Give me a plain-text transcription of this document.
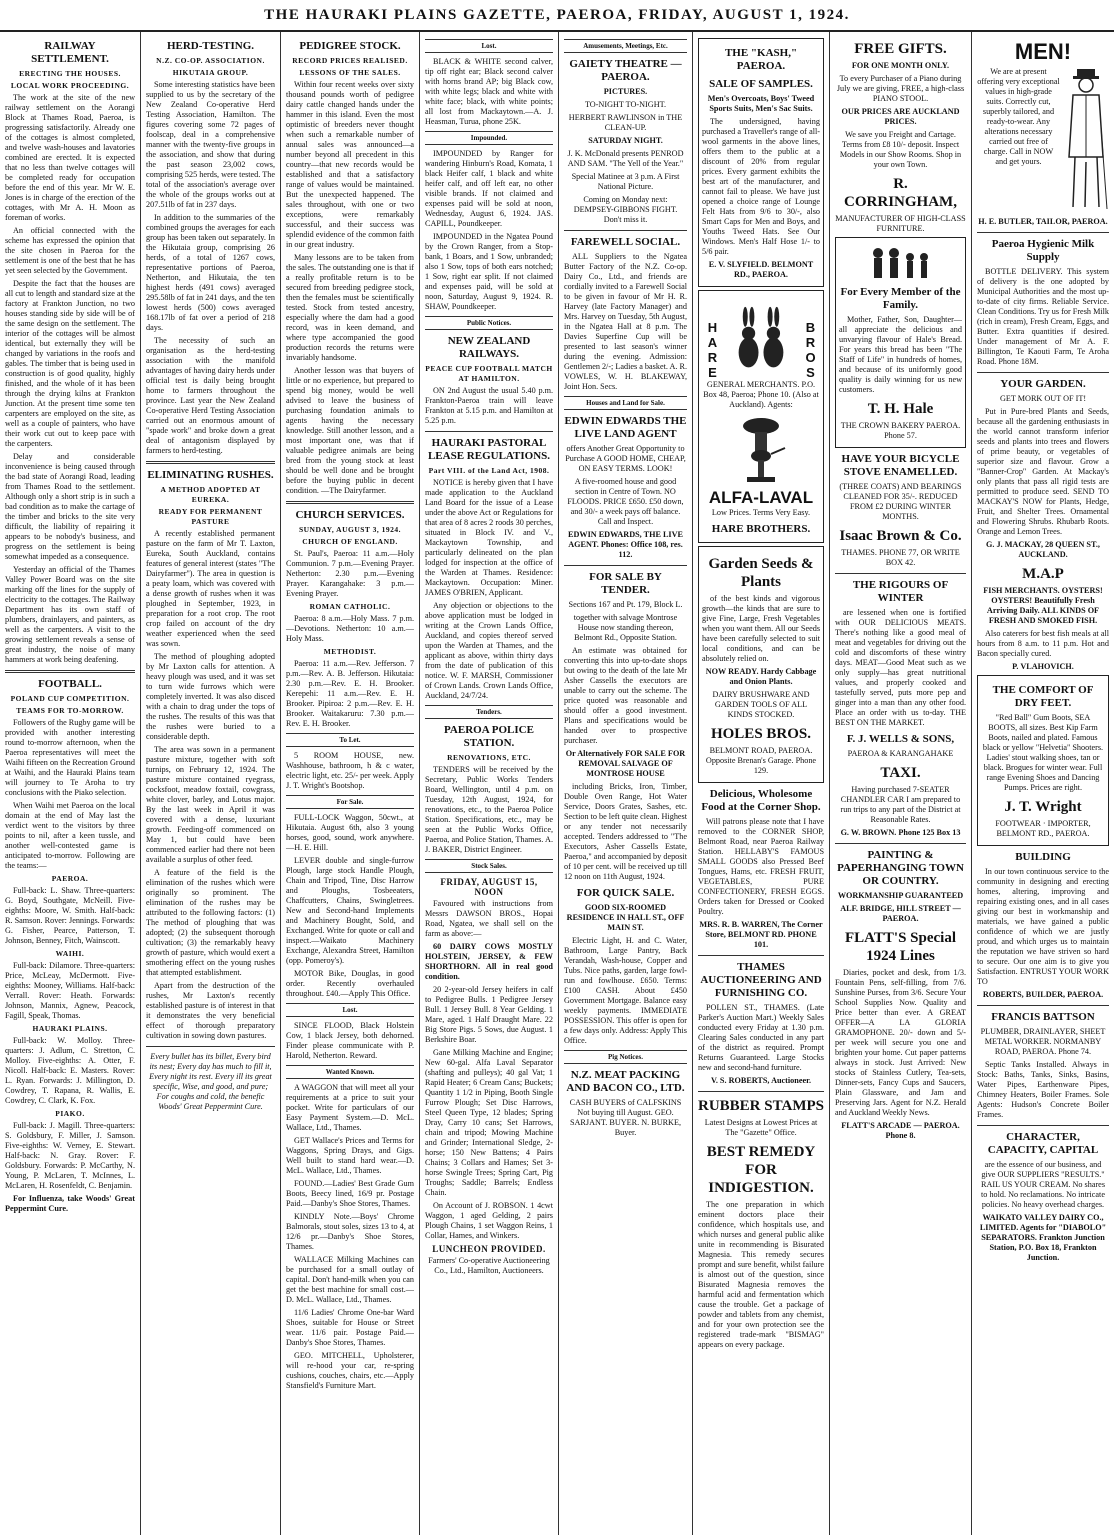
THE HAURAKI PLAINS GAZETTE, PAEROA, FRIDAY, AUGUST 1, 1924.
RAILWAY SETTLEMENT.
ERECTING THE HOUSES.
LOCAL WORK PROCEEDING.

The work at the site of the new railway settlement on the Aorangi Block at Thames Road, Paeroa, is progressing satisfactorily. Already one of the cottages is almost completed, and twelve wash-houses and lavatories combined are erected. It is expected that no less than twelve cottages will be completed ready for occupation before the end of this year. Mr W. E. Jones is in charge of the erection of the cottages, with Mr A. H. Moon as foreman of works.

An official connected with the scheme has expressed the opinion that the site chosen in Paeroa for the settlement is one of the best that he has yet seen selected by the Government.

Despite the fact that the houses are all cut to length and standard size at the factory at Frankton Junction, no two houses standing side by side will be of the same design on the settlement. The interior of the cottages will be almost identical, but externally they will be changed by variations in the roofs and gables. The timber that is being used in construction is of good quality, highly finished, and the whole of it has been through the drying kilns at Frankton Junction. At the present time some ten carpenters are employed on the site, as well as a couple of painters, who have their work cut out to keep pace with the carpenters.

Delay and considerable inconvenience is being caused through the bad state of Aorangi Road, leading from Thames Road to the settlement. Although only a short strip is in such a bad condition as to make the cartage of the timber and bricks to the site very difficult, the liability of repairing it appears to be nobody's business, and progress on the settlement is being somewhat impeded as a consequence.

Yesterday an official of the Thames Valley Power Board was on the site marking off the lines for the supply of electricity to the cottages. The Railway Department has its own staff of plumbers, drainlayers, and painters, as well as the carpenters. A visit to the growing settlement reveals a sense of great industry, the noise of many hammers at work being deafening.

FOOTBALL.
POLAND CUP COMPETITION.
TEAMS FOR TO-MORROW.

Followers of the Rugby game will be provided with another interesting round to-morrow afternoon, when the Paeroa representatives will meet the Waihi fifteen on the Recreation Ground at Waihi, and the Hauraki Plains team will journey to Te Aroha to try conclusions with the Piako selection.

When Waihi met Paeroa on the local domain at the end of May last the verdict went to the visitors by three points to nil, after a keen tussle, and another well-contested game is anticipated to-morrow. Following are the teams:—

PAEROA.

Full-back: L. Shaw. Three-quarters: G. Boyd, Southgate, McNeill. Five-eighths: Moore, W. Smith. Half-back: R. Samson. Rover: Jennings. Forwards: G. Fisher, Pearce, Patterson, T. Johnson, Benney, Fitch, Wainscott.

WAIHI.

Full-back: Dilamore. Three-quarters: Price, McLeay, McDermott. Five-eighths: Mooney, Williams. Half-back: Verrall. Rover: Heath. Forwards: Johnson, Mannix, Agnew, Peacock, Fagill, Speak, Thomas.

HAURAKI PLAINS.

Full-back: W. Molloy. Three-quarters: J. Adlum, C. Stretton, C. Molloy. Five-eighths: A. Otter, F. Nicoll. Half-back: E. Masters. Rover: L. Ryan. Forwards: J. Millington, D. Cowdrey, T. Rapana, R. Wallis, E. Cowdrey, C. Clark, K. Fox.

PIAKO.

Full-back: J. Magill. Three-quarters: S. Goldsbury, F. Miller, J. Samson. Five-eighths: W. Verney, E. Stewart. Half-back: N. Gray. Rover: F. Goldsbury. Forwards: P. McCarthy, N. Young, P. McLaren, T. McInnes, L. McLaren, H. Rosenfeldt, C. Benjamin.

For Influenza, take Woods' Great Peppermint Cure.

HERD-TESTING.
N.Z. CO-OP. ASSOCIATION.
HIKUTAIA GROUP.

Some interesting statistics have been supplied to us by the secretary of the New Zealand Co-operative Herd Testing Association, Hamilton. The figures covering some 72 pages of foolscap, deal in a comprehensive manner with the twenty-five groups in the association, and show that during the past season 23,002 cows, comprising 525 herds, were tested. The total of the association's average over the whole of the groups works out at 207.51lb of fat in 237 days.

In addition to the summaries of the combined groups the averages for each group has been taken out separately. In the Hikutaia group, comprising 26 herds, of a total of 1267 cows, representative portions of Paeroa, Netherton, and Hikutaia, the ten highest herds (491 cows) averaged 295.58lb of fat in 241 days, and the ten lowest herds (500) cows averaged 168.17lb of fat over a period of 218 days.

The necessity of such an organisation as the herd-testing association with the manifold advantages of having dairy herds under official test is daily being brought home to farmers throughout the province. Last year the New Zealand Co-operative Herd Testing Association carried out an enormous amount of "spade work" and broke down a great deal of antagonism displayed by farmers to herd-testing.

ELIMINATING RUSHES.
A METHOD ADOPTED AT EUREKA.
READY FOR PERMANENT PASTURE

A recently established permanent pasture on the farm of Mr T. Laxton, Eureka, South Auckland, contains features of general interest (states "The Dairyfarmer"). The area in question is a peaty loam, which was covered with a dense growth of rushes when it was ploughed in September, 1923, in preparation for a root crop. The root crop failed on account of the dry weather experienced when the seed was sown.

The method of ploughing adopted by Mr Laxton calls for attention. A heavy plough was used, and it was set to turn wide furrows which were completely inverted. It was also disced with a chain to drag under the tops of the rushes. The results of this was that the rushes were buried to a considerable depth.

The area was sown in a permanent pasture mixture, together with soft turnips, on February 12, 1924. The pasture mixture contained ryegrass, cocksfoot, meadow foxtail, cowgrass, white clover, barley, and Lotus major. By the last week in April it was covered with a dense, luxuriant growth. Feeding-off commenced on May 1, but could have been commenced earlier had there not been available a surplus of other feed.

A feature of the field is the elimination of the rushes which were originally so prominent. The elimination of the rushes may be attributed to the following factors: (1) The method of ploughing that was adopted; (2) the subsequent thorough cultivation; (3) the remarkably heavy growth of pasture, which would exert a smothering effect on the young rushes that attempted establishment.

Apart from the destruction of the rushes, Mr Laxton's recently established pasture is of interest in that it demonstrates the very beneficial effect of thorough preparatory cultivation in sowing down pastures.

Every bullet has its billet, Every bird its nest; Every day has much to fill it, Every night its rest. Every ill its great specific, Wise, and good, and pure; For coughs and cold, the benefic Woods' Great Peppermint Cure.

PEDIGREE STOCK.
RECORD PRICES REALISED.
LESSONS OF THE SALES.

Within four recent weeks over sixty thousand pounds worth of pedigree dairy cattle changed hands under the hammer in this island. Even the most optimistic of breeders never thought when such a remarkable number of annual sales was announced—a number beyond all precedent in this country—that new records would be established and that a satisfactory range of values would be maintained. But the unexpected happened. The sales throughout, with one or two exceptions, were remarkably successful, and their success was splendid evidence of the common faith in our great industry.

Many lessons are to be taken from the sales. The outstanding one is that if a really profitable return is to be secured from breeding pedigree stock, then the females must be scientifically tested. Stock from tested ancestry, especially where the dam had a good record, was in keen demand, and where type accompanied the good production records the returns were invariably handsome.

Another lesson was that buyers of little or no experience, but prepared to spend big money, would be well advised to leave the business of purchasing foundation animals to agents having the necessary knowledge. Still another lesson, and a most important one, was that if valuable pedigree animals are being bred from the young stock at least should be well done and be brought before the buying public in decent condition. —The Dairyfarmer.

CHURCH SERVICES.
SUNDAY, AUGUST 3, 1924.
CHURCH OF ENGLAND.

St. Paul's, Paeroa: 11 a.m.—Holy Communion. 7 p.m.—Evening Prayer. Netherton: 2.30 p.m.—Evening Prayer. Karangahake: 3 p.m.—Evening Prayer.

ROMAN CATHOLIC.

Paeroa: 8 a.m.—Holy Mass. 7 p.m.—Devotions. Netherton: 10 a.m.—Holy Mass.

METHODIST.

Paeroa: 11 a.m.—Rev. Jefferson. 7 p.m.—Rev. A. B. Jefferson. Hikutaia: 2.30 p.m.—Rev. E. H. Brooker. Kerepehi: 11 a.m.—Rev. E. H. Brooker. Pipiroa: 2 p.m.—Rev. E. H. Brooker. Waitakaruru: 7.30 p.m.—Rev. E. H. Brooker.

To Let.

5 ROOM HOUSE, new. Washhouse, bathroom, h & c water, electric light, etc. 25/- per week. Apply J. T. Wright's Bootshop.

For Sale.

FULL-LOCK Waggon, 50cwt., at Hikutaia. August 6th, also 3 young horses, good, sound, work anywhere.—H. E. Hill.

LEVER double and single-furrow Plough, large stock Handle Plough, Chain and Tripod, Tine, Disc Harrow and Ploughs, Tosbeeaters, Chaffcutters, Chains, Swingletrees. New and Second-hand Implements and Machinery Bought, Sold, and Exchanged. Write for quote or call and inspect.—Waikato Machinery Exchange, Alexandra Street, Hamilton (opp. Pomeroy's).

MOTOR Bike, Douglas, in good order. Recently overhauled throughout. £40.—Apply This Office.

Lost.

SINCE FLOOD, Black Holstein Cow, 1 black Jersey, both dehorned. Finder please communicate with P. Harold, Netherton. Reward.

Wanted Known.

A WAGGON that will meet all your requirements at a price to suit your pocket. Write for particulars of our Easy Payment System.—D. McL. Wallace, Ltd., Thames.

GET Wallace's Prices and Terms for Waggons, Spring Drays, and Gigs. Well built to stand hard wear.—D. McL. Wallace, Ltd., Thames.

FOUND.—Ladies' Best Grade Gum Boots, Beecy lined, 16/9 pr. Postage Paid.—Danby's Shoe Stores, Thames.

KINDLY Note.—Boys' Chrome Balmorals, stout soles, sizes 13 to 4, at 12/6 pr.—Danby's Shoe Stores, Thames.

WALLACE Milking Machines can be purchased for a small outlay of capital. Don't hand-milk when you can get the best machine for small cost.—D. McL. Wallace, Ltd., Thames.

11/6 Ladies' Chrome One-bar Ward Shoes, suitable for House or Street wear. 11/6 pair. Postage Paid.—Danby's Shoe Stores, Thames.

GEO. MITCHELL, Upholsterer, will re-hood your car, re-spring cushions, couches, chairs, etc.—Apply Stansfield's Furniture Mart.

Lost.

BLACK & WHITE second calver, tip off right ear; Black second calver with horns brand AP; big Black cow, with white legs; black and white with white face; black, with white points; all lost from Mackaytown.—A. J. Heasman, Turua, phone 25K.

Impounded.

IMPOUNDED by Ranger for wandering Hinburn's Road, Komata, 1 black Heifer calf, 1 black and white heifer calf, and off left ear, no other visible brands. If not claimed and expenses paid will be sold at noon, Wednesday, August 6, 1924. JAS. CAPILL, Poundkeeper.

IMPOUNDED in the Ngatea Pound by the Crown Ranger, from a Stop-bank, 1 Boars, and 1 Sow, unbranded; also 1 Sow, tops of both ears notched; 1 Sow, right ear split. If not claimed and expenses paid, will be sold at noon, Saturday, August 9, 1924. R. SHAW, Poundkeeper.

Public Notices.
NEW ZEALAND RAILWAYS.
PEACE CUP FOOTBALL MATCH AT HAMILTON.

ON 2nd August the usual 5.40 p.m. Frankton-Paeroa train will leave Frankton at 5.15 p.m. and Hamilton at 5.25 p.m.

HAURAKI PASTORAL LEASE REGULATIONS.
Part VIII. of the Land Act, 1908.

NOTICE is hereby given that I have made application to the Auckland Land Board for the issue of a Lease under the above Act or Regulations for that area of 8 acres 2 roods 30 perches, situated in Block IV. and V., Mackaytown Township, and particularly delineated on the plan lodged for inspection at the office of the Warden at Thames. Residence: Mackaytown. Occupation: Miner. JAMES O'BRIEN, Applicant.

Any objection or objections to the above application must be lodged in writing at the Crown Lands Office, Auckland, and copies thereof served upon the Warden at Thames, and the applicant as above, within thirty days from the date of publication of this notice. W. F. MARSH, Commissioner of Crown Lands. Crown Lands Office, Auckland, 24/7/24.

Tenders.
PAEROA POLICE STATION.
RENOVATIONS, ETC.

TENDERS will be received by the Secretary, Public Works Tenders Board, Wellington, until 4 p.m. on Tuesday, 12th August, 1924, for renovations, etc., to the Paeroa Police Station. Specifications, etc., may be seen at the Public Works Office, Paeroa, and Police Station, Thames. A. J. BAKER, District Engineer.

Stock Sales.
FRIDAY, AUGUST 15, NOON

Favoured with instructions from Messrs DAWSON BROS., Hopai Road, Ngatea, we shall sell on the farm as above:—

60 DAIRY COWS MOSTLY HOLSTEIN, JERSEY, & FEW SHORTHORN. All in real good condition.

20 2-year-old Jersey heifers in calf to Pedigree Bulls. 1 Pedigree Jersey Bull. 1 Jersey Bull. 8 Year Gelding. 1 Mare, aged. 1 Half Draught Mare. 22 Big Store Pigs. 5 Sows, due August. 1 Berkshire Boar.

Gane Milking Machine and Engine; New 60-gal. Alfa Laval Separator (shafting and pulleys); 40 gal Vat; 1 Rapid Heater; 6 Cream Cans; Buckets; Quantity 1 1/2 in Piping, Booth Single Furrow Plough; Set Disc Harrows, Steel Queen Type, 12 blades; Spring Dray, Carry 10 cans; Set Harrows, chain and tripod; Mowing Machine and Grinder; International Sledge, 2-horse; 150 New Battens; 4 Pairs Chains; 3 Collars and Hames; Set 3-horse Swingle Trees; Spring Cart, Pig Troughs; Saddle; Barrels; Endless Chain.

On Account of J. ROBSON. 1 4cwt Waggon, 1 aged Gelding, 2 pairs Plough Chains, 1 set Waggon Reins, 1 Collar, Hames, and Winkers.

LUNCHEON PROVIDED.

Farmers' Co-operative Auctioneering Co., Ltd., Hamilton, Auctioneers.

Amusements, Meetings, Etc.
GAIETY THEATRE — PAEROA.

PICTURES.

TO-NIGHT TO-NIGHT.

HERBERT RAWLINSON in THE CLEAN-UP.

SATURDAY NIGHT.

J. K. McDonald presents PENROD AND SAM. "The Yell of the Year."

Special Matinee at 3 p.m. A First National Picture.

Coming on Monday next: DEMPSEY-GIBBONS FIGHT. Don't miss it.

FAREWELL SOCIAL.

ALL Suppliers to the Ngatea Butter Factory of the N.Z. Co-op. Dairy Co., Ltd., and friends are cordially invited to a Farewell Social to be given in favour of Mr H. R. Harvey (late Factory Manager) and Mrs. Harvey on Tuesday, 5th August, in the Ngatea Hall at 8 p.m. The Davies Superfine Cup will be presented to last season's winner during the evening. Admission: Gentlemen 2/-; Ladies a basket. A. R. VOWLES, W. H. BLAKEWAY, Joint Hon. Secs.

Houses and Land for Sale.
EDWIN EDWARDS THE LIVE LAND AGENT

offers Another Great Opportunity to Purchase A GOOD HOME, CHEAP, ON EASY TERMS. LOOK!

A five-roomed house and good section in Centre of Town. NO FLOODS. PRICE £650. £50 down, and 30/- a week pays off balance. Call and Inspect.

EDWIN EDWARDS, THE LIVE AGENT. Phones: Office 108, res. 112.

FOR SALE BY TENDER.

Sections 167 and Pt. 179, Block L.

together with salvage Montrose House now standing thereon, Belmont Rd., Opposite Station.

An estimate was obtained for converting this into up-to-date shops but owing to the death of the late Mr Asher Cassells the executors are unable to carry out the scheme. The price quoted was reasonable and should offer a good investment. Plans and specifications would be handed over to prospective purchaser.

Or Alternatively FOR SALE FOR REMOVAL SALVAGE OF MONTROSE HOUSE

including Bricks, Iron, Timber, Double Oven Range, Hot Water Service, Doors Grates, Sashes, etc. Section to be left quite clean. Highest or any tender not necessarily accepted. Tenders addressed to "The Executors, Asher Cassells Estate, Paeroa," and accompanied by deposit of 10 per cent. will be received up till 12 noon on 11th August, 1924.

FOR QUICK SALE.

GOOD SIX-ROOMED RESIDENCE IN HALL ST., OFF MAIN ST.

Electric Light, H. and C. Water, Bathroom, Large Pantry, Back Verandah, Wash-house, Copper and Tubs. Nice paths, garden, large fowl-run and fowlhouse. £650. Terms: £100 CASH. About £450 Government Mortgage. Balance easy weekly payments. IMMEDIATE POSSESSION. This offer is open for a few days only. Address: Apply This Office.

Pig Notices.
N.Z. MEAT PACKING AND BACON CO., LTD.

CASH BUYERS of CALFSKINS Not buying till August. GEO. SARJANT. BUYER. N. BURKE, Buyer.

THE "KASH," PAEROA.
SALE OF SAMPLES.

Men's Overcoats, Boys' Tweed Sports Suits, Men's Sac Suits.

The undersigned, having purchased a Traveller's range of all-wool garments in the above lines, offers them to the public at a discount of 20% from regular prices. Every garment exhibits the best art of the manufacturer, and cannot fail to please. We have just opened a choice range of Lounge Felt Hats from 9/6 to 30/-, also Smart Caps for Men and Boys, and Youths Tweed Hats. See Our Windows. Men's Half Hose 1/- to 5/6 pair.

E. V. SLYFIELD. BELMONT RD., PAEROA.

HARE	BROS

GENERAL MERCHANTS. P.O. Box 48, Paeroa; Phone 10. (Also at Auckland). Agents:

ALFA-LAVAL

Low Prices. Terms Very Easy.

HARE BROTHERS.
Garden Seeds & Plants

of the best kinds and vigorous growth—the kinds that are sure to give Fine, Large, Fresh Vegetables when you want them. All our Seeds have been carefully selected to suit local conditions, and can be absolutely relied on.

NOW READY. Hardy Cabbage and Onion Plants.

DAIRY BRUSHWARE AND GARDEN TOOLS OF ALL KINDS STOCKED.

HOLES BROS.

BELMONT ROAD, PAEROA. Opposite Brenan's Garage. Phone 129.

Delicious, Wholesome Food at the Corner Shop.

Will patrons please note that I have removed to the CORNER SHOP, Belmont Road, near Paeroa Railway Station. HELLABY'S FAMOUS SMALL GOODS also Pressed Beef Tongues, Hams, etc. FRESH FRUIT, VEGETABLES, PURE CONFECTIONERY, FRESH EGGS. Orders taken for Dressed or Cooked Poultry.

MRS. R. B. WARREN, The Corner Store, BELMONT RD. PHONE 101.

THAMES AUCTIONEERING AND FURNISHING CO.

POLLEN ST., THAMES. (Late Parker's Auction Mart.) Weekly Sales conducted every Friday at 1.30 p.m. Clearing Sales conducted in any part of the district as required. Prompt Returns Guaranteed. Large Stocks new and second-hand furniture.

V. S. ROBERTS, Auctioneer.

RUBBER STAMPS

Latest Designs at Lowest Prices at The "Gazette" Office.

BEST REMEDY FOR INDIGESTION.

The one preparation in which eminent doctors place their confidence, which hospitals use, and which nurses and general public alike unite in recommending is Bisurated Magnesia. This remedy secures prompt and sure benefit, whilst failure is almost out of the question, since Bisurated Magnesia removes the harmful acid and fermentation which cause the trouble. Get a package of powder and tablets from any chemist, and for your own protection see the registered trade-mark "BISMAG" appears on every package.

FREE GIFTS.

FOR ONE MONTH ONLY.

To every Purchaser of a Piano during July we are giving, FREE, a high-class PIANO STOOL.

OUR PRICES ARE AUCKLAND PRICES.

We save you Freight and Cartage. Terms from £8 10/- deposit. Inspect Models in our Show Rooms. Shop in your own Town.

R. CORRINGHAM,

MANUFACTURER OF HIGH-CLASS FURNITURE.

For Every Member of the Family.

Mother, Father, Son, Daughter—all appreciate the delicious and unvarying flavour of Hale's Bread. For years this bread has been "The Staff of Life" in hundreds of homes, and because of its uniformly good quality is daily winning for us new customers.

T. H. Hale

THE CROWN BAKERY PAEROA. Phone 57.

HAVE YOUR BICYCLE STOVE ENAMELLED.

(THREE COATS) AND BEARINGS CLEANED FOR 35/-. REDUCED FROM £2 DURING WINTER MONTHS.

Isaac Brown & Co.

THAMES. PHONE 77, OR WRITE BOX 42.

THE RIGOURS OF WINTER

are lessened when one is fortified with OUR DELICIOUS MEATS. There's nothing like a good meal of meat and vegetables for driving out the cold and discomforts of these wintry days. MEAT—Good Meat such as we only supply—has great nutritional values, and properly cooked and tastefully served, puts more pep and ginger into a man than any other food. Place an order with us to-day. THE BEST ON THE MARKET.

F. J. WELLS & SONS,

PAEROA & KARANGAHAKE

TAXI.

Having purchased 7-SEATER CHANDLER CAR I am prepared to run trips to any part of the District at Reasonable Rates.

G. W. BROWN. Phone 125 Box 13

PAINTING & PAPERHANGING TOWN OR COUNTRY.

WORKMANSHIP GUARANTEED

ALF. BRIDGE, HILL STREET — PAEROA.

FLATT'S Special 1924 Lines

Diaries, pocket and desk, from 1/3. Fountain Pens, self-filling, from 7/6. Sunshine Purses, from 3/6. Secure Your School Supplies Now. Quality and Price better than ever. A GREAT OFFER—A LA GLORIA GRAMOPHONE. 20/- down and 5/- per week will secure you one and brighten your home. Cut paper patterns always in stock. Just Arrived: New stocks of Stainless Cutlery, Tea-sets, Dinner-sets, Fancy Cups and Saucers, Plain Glassware, and Jam and Preserving Jars. Agent for N.Z. Herald and Auckland Weekly News.

FLATT'S ARCADE — PAEROA. Phone 8.

MEN!

We are at present offering very exceptional values in high-grade suits. Correctly cut, superbly tailored, and ready-to-wear. Any alterations necessary carried out free of charge. Call in NOW and get yours.

H. E. BUTLER, TAILOR, PAEROA.

Paeroa Hygienic Milk Supply

BOTTLE DELIVERY. This system of delivery is the one adopted by Municipal Authorities and the most up-to-date of city firms. Reliable Service. Clean Conditions. Try us for Fresh Milk (rich in cream), Fresh Cream, Eggs, and Butter. Extra quantities if desired. Under management of Mr A. F. Billington, Te Kaouti Farm, Te Aroha Road. Phone 18M.

YOUR GARDEN.

GET MORK OUT OF IT!

Put in Pure-bred Plants and Seeds, because all the gardening enthusiasts in the world cannot transform inferior seeds and plants into trees and flowers of prime beauty, or vegetables of superior size and flavour. Grow a "Banner-Crop" Garden. At Mackay's only plants that pass all rigid tests are permitted to produce seed. SEND TO MACKAY'S NOW for Plants, Hedge, Fruit, and Shelter Trees. Ornamental and Flowering Shrubs. Rhubarb Roots. Orange and Lemon Trees.

G. J. MACKAY, 28 QUEEN ST., AUCKLAND.

M.A.P

FISH MERCHANTS. OYSTERS! OYSTERS! Beautifully Fresh Arriving Daily. ALL KINDS OF FRESH AND SMOKED FISH.

Also caterers for best fish meals at all hours from 8 a.m. to 11 p.m. Hot and Bacon specially cured.

P. VLAHOVICH.

THE COMFORT OF DRY FEET.

"Red Ball" Gum Boots, SEA BOOTS, all sizes. Best Kip Farm Boots, nailed and plated. Famous black or yellow "Helvetia" Shooters. Ladies' stout walking shoes, tan or black. Brogues for winter wear. Full range Evening Shoes and Dancing Pumps. Prices are right.

J. T. Wright

FOOTWEAR · IMPORTER, BELMONT RD., PAEROA.

BUILDING

In our town continuous service to the community in designing and erecting homes, altering, improving and repairing existing ones, and in all cases giving our best in workmanship and materials, we have gained a public confidence of which we are justly proud, and which urges us to maintain the reputation we have striven so hard to secure. Our one aim is to give you Satisfaction. ENTRUST YOUR WORK TO

ROBERTS, BUILDER, PAEROA.

FRANCIS BATTSON

PLUMBER, DRAINLAYER, SHEET METAL WORKER. NORMANBY ROAD, PAEROA. Phone 74.

Septic Tanks Installed. Always in Stock: Baths, Tanks, Sinks, Basins, Water Pipes, Earthenware Pipes, Chimney Heaters, Boiler Frames. Sole Agents: Hudson's Concrete Boiler Frames.

CHARACTER, CAPACITY, CAPITAL

are the essence of our business, and give OUR SUPPLIERS "RESULTS." RAIL US YOUR CREAM. No shares to hold. No reclamations. No intricate policies. No heavy overhead charges.

WAIKATO VALLEY DAIRY CO., LIMITED. Agents for "DIABOLO" SEPARATORS. Frankton Junction Station, P.O. Box 18, Frankton Junction.
